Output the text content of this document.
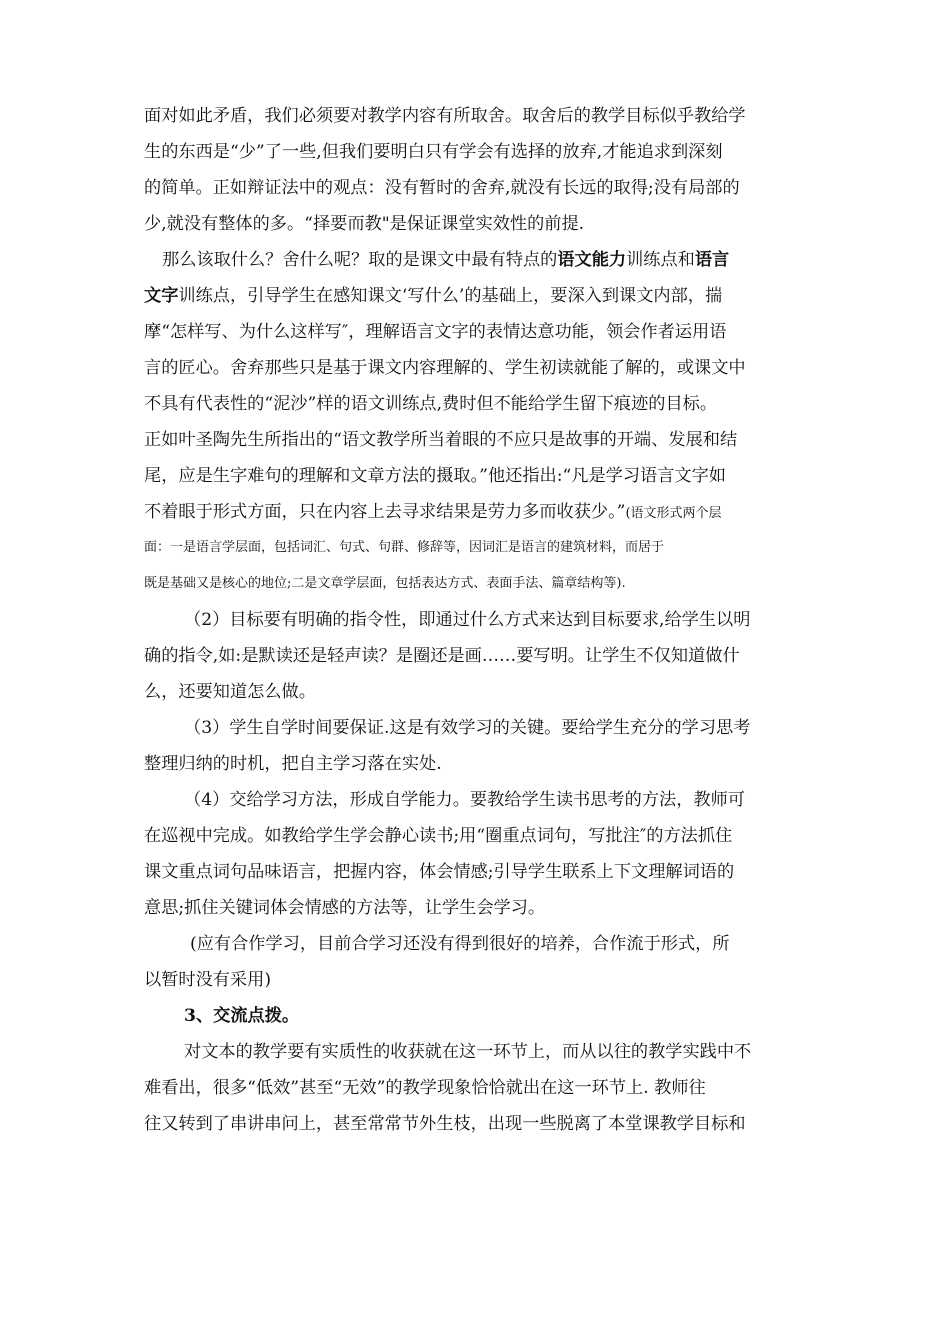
面对如此矛盾，我们必须要对教学内容有所取舍。取舍后的教学目标似乎教给学
生的东西是“少”了一些,但我们要明白只有学会有选择的放弃,才能追求到深刻
的简单。正如辩证法中的观点：没有暂时的舍弃,就没有长远的取得;没有局部的
少,就没有整体的多。“择要而教"是保证课堂实效性的前提.
那么该取什么？舍什么呢？取的是课文中最有特点的语文能力训练点和语言
文字训练点，引导学生在感知课文‘写什么’的基础上，要深入到课文内部，揣
摩“怎样写、为什么这样写″，理解语言文字的表情达意功能，领会作者运用语
言的匠心。舍弃那些只是基于课文内容理解的、学生初读就能了解的，或课文中
不具有代表性的“泥沙”样的语文训练点,费时但不能给学生留下痕迹的目标。
正如叶圣陶先生所指出的“语文教学所当着眼的不应只是故事的开端、发展和结
尾，应是生字难句的理解和文章方法的摄取。”他还指出:“凡是学习语言文字如
不着眼于形式方面，只在内容上去寻求结果是劳力多而收获少。”(语文形式两个层
面：一是语言学层面，包括词汇、句式、句群、修辞等，因词汇是语言的建筑材料，而居于
既是基础又是核心的地位;二是文章学层面，包括表达方式、表面手法、篇章结构等).
（2）目标要有明确的指令性，即通过什么方式来达到目标要求,给学生以明
确的指令,如:是默读还是轻声读？是圈还是画……要写明。让学生不仅知道做什
么，还要知道怎么做。
（3）学生自学时间要保证.这是有效学习的关键。要给学生充分的学习思考
整理归纳的时机，把自主学习落在实处.
（4）交给学习方法，形成自学能力。要教给学生读书思考的方法，教师可
在巡视中完成。如教给学生学会静心读书;用“圈重点词句，写批注″的方法抓住
课文重点词句品味语言，把握内容，体会情感;引导学生联系上下文理解词语的
意思;抓住关键词体会情感的方法等，让学生会学习。
(应有合作学习，目前合学习还没有得到很好的培养，合作流于形式，所
以暂时没有采用)
3、交流点拨。
对文本的教学要有实质性的收获就在这一环节上，而从以往的教学实践中不
难看出，很多“低效”甚至“无效”的教学现象恰恰就出在这一环节上. 教师往
往又转到了串讲串问上，甚至常常节外生枝，出现一些脱离了本堂课教学目标和
